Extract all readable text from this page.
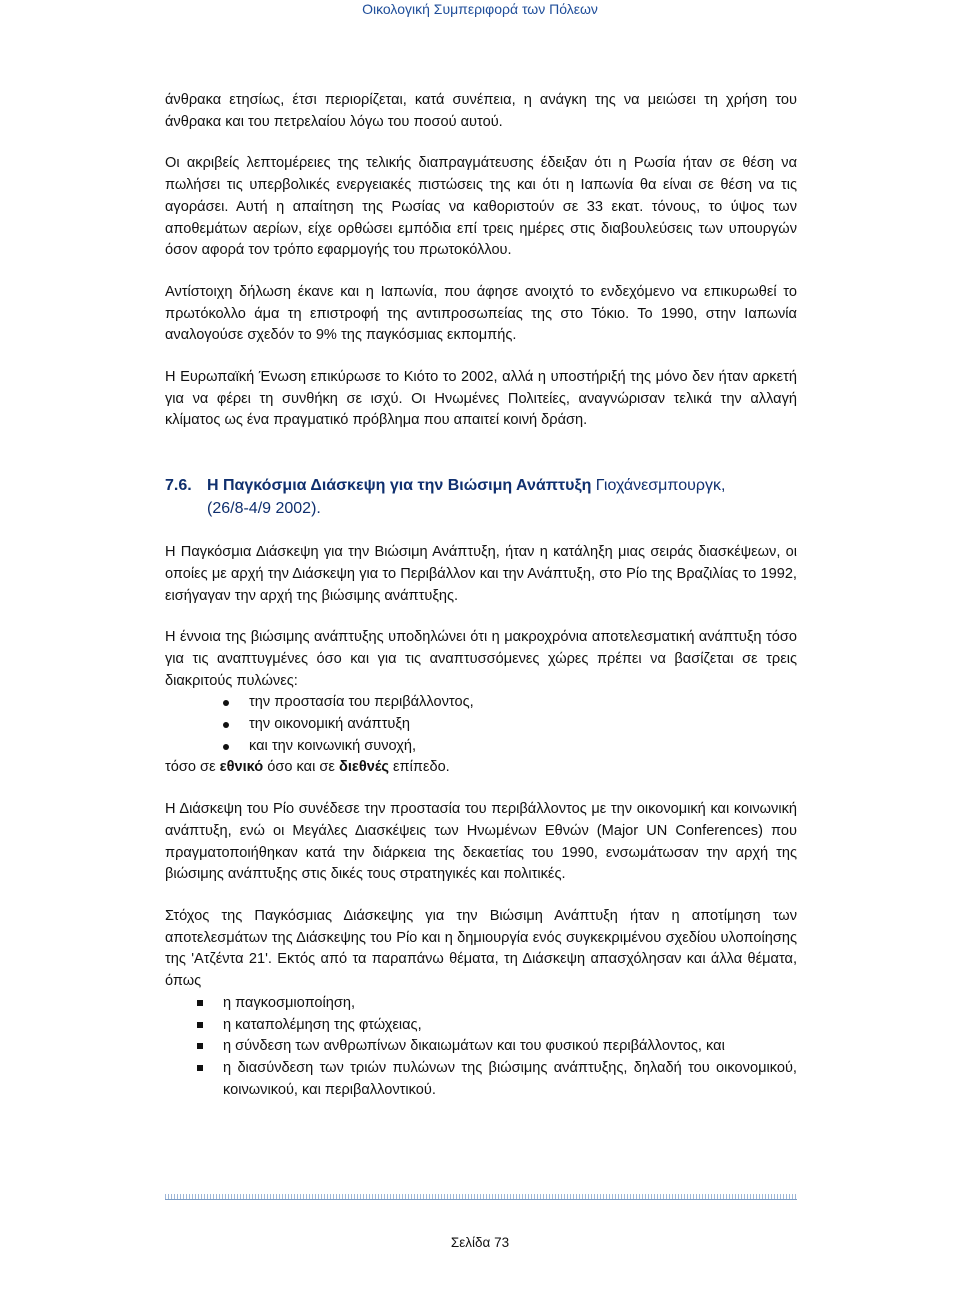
Οικολογική Συμπεριφορά των Πόλεων

άνθρακα ετησίως, έτσι περιορίζεται, κατά συνέπεια, η ανάγκη της να μειώσει τη χρήση του άνθρακα και του πετρελαίου λόγω του ποσού αυτού.

Οι ακριβείς λεπτομέρειες της τελικής διαπραγμάτευσης έδειξαν ότι η Ρωσία ήταν σε θέση να πωλήσει τις υπερβολικές ενεργειακές πιστώσεις της και ότι η Ιαπωνία θα είναι σε θέση να τις αγοράσει. Αυτή η απαίτηση της Ρωσίας να καθοριστούν σε 33 εκατ. τόνους, το ύψος των αποθεμάτων αερίων, είχε ορθώσει εμπόδια επί τρεις ημέρες στις διαβουλεύσεις των υπουργών όσον αφορά τον τρόπο εφαρμογής του πρωτοκόλλου.

Αντίστοιχη δήλωση έκανε και η Ιαπωνία, που άφησε ανοιχτό το ενδεχόμενο να επικυρωθεί το πρωτόκολλο άμα τη επιστροφή της αντιπροσωπείας της στο Τόκιο. Το 1990, στην Ιαπωνία αναλογούσε σχεδόν το 9% της παγκόσμιας εκπομπής.

Η Ευρωπαϊκή Ένωση επικύρωσε το Κιότο το 2002, αλλά η υποστήριξή της μόνο δεν ήταν αρκετή για να φέρει τη συνθήκη σε ισχύ. Οι Ηνωμένες Πολιτείες, αναγνώρισαν τελικά την αλλαγή κλίματος ως ένα πραγματικό πρόβλημα που απαιτεί κοινή δράση.

7.6. Η Παγκόσμια Διάσκεψη για την Βιώσιμη Ανάπτυξη Γιοχάνεσμπουργκ,
(26/8-4/9 2002).

Η Παγκόσμια Διάσκεψη για την Βιώσιμη Ανάπτυξη, ήταν η κατάληξη μιας σειράς διασκέψεων, οι οποίες με αρχή την Διάσκεψη για το Περιβάλλον και την Ανάπτυξη, στο Ρίο της Βραζιλίας το 1992, εισήγαγαν την αρχή της βιώσιμης ανάπτυξης.

Η έννοια της βιώσιμης ανάπτυξης υποδηλώνει ότι η μακροχρόνια αποτελεσματική ανάπτυξη τόσο για τις αναπτυγμένες όσο και για τις αναπτυσσόμενες χώρες πρέπει να βασίζεται σε τρεις διακριτούς πυλώνες:
την προστασία του περιβάλλοντος,
την οικονομική ανάπτυξη
και την κοινωνική συνοχή,
τόσο σε εθνικό όσο και σε διεθνές επίπεδο.

Η Διάσκεψη του Ρίο συνέδεσε την προστασία του περιβάλλοντος με την οικονομική και κοινωνική ανάπτυξη, ενώ οι Μεγάλες Διασκέψεις των Ηνωμένων Εθνών (Major UN Conferences) που πραγματοποιήθηκαν κατά την διάρκεια της δεκαετίας του 1990, ενσωμάτωσαν την αρχή της βιώσιμης ανάπτυξης στις δικές τους στρατηγικές και πολιτικές.

Στόχος της Παγκόσμιας Διάσκεψης για την Βιώσιμη Ανάπτυξη ήταν η αποτίμηση των αποτελεσμάτων της Διάσκεψης του Ρίο και η δημιουργία ενός συγκεκριμένου σχεδίου υλοποίησης της 'Ατζέντα 21'. Εκτός από τα παραπάνω θέματα, τη Διάσκεψη απασχόλησαν και άλλα θέματα, όπως
η παγκοσμιοποίηση,
η καταπολέμηση της φτώχειας,
η σύνδεση των ανθρωπίνων δικαιωμάτων και του φυσικού περιβάλλοντος, και
η διασύνδεση των τριών πυλώνων της βιώσιμης ανάπτυξης, δηλαδή του οικονομικού, κοινωνικού, και περιβαλλοντικού.
Σελίδα 73
